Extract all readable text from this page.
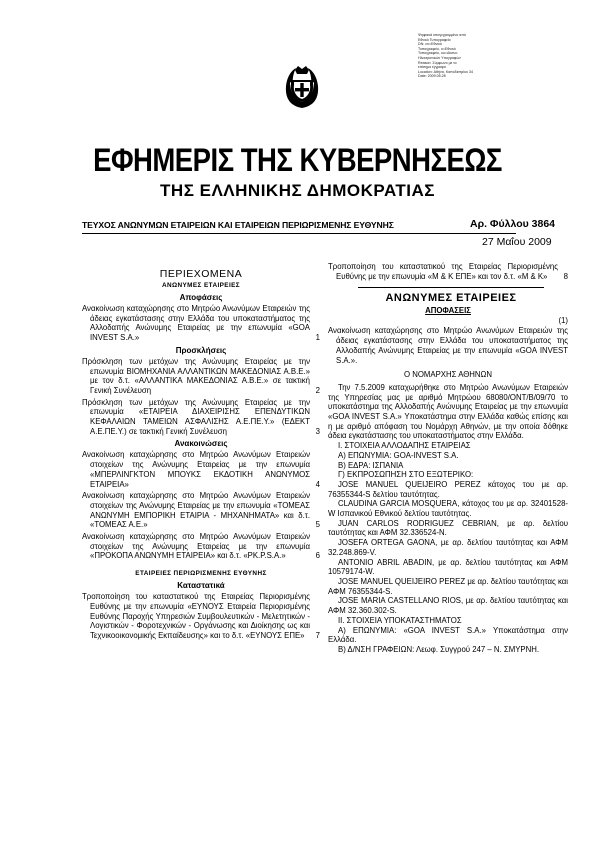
Ψηφιακά υπογεγραμμένο από
Εθνικό Τυπογραφείο
DN: cn=Εθνικό
Τυπογραφείο, o=Εθνικό
Τυπογραφείο, ou=Δίκτυο
Ηλεκτρονικών Υπογραφών
Reason: Σύμφωνο με το
επίσημο έγγραφο
Location: Αθήνα, Καποδιστρίου 34
Date: 2009.05.28
ΕΦΗΜΕΡΙΣ ΤΗΣ ΚΥΒΕΡΝΗΣΕΩΣ
ΤΗΣ ΕΛΛΗΝΙΚΗΣ ΔΗΜΟΚΡΑΤΙΑΣ
ΤΕΥΧΟΣ ΑΝΩΝΥΜΩΝ ΕΤΑΙΡΕΙΩΝ ΚΑΙ ΕΤΑΙΡΕΙΩΝ ΠΕΡΙΩΡΙΣΜΕΝΗΣ ΕΥΘΥΝΗΣ	Αρ. Φύλλου 3864
27 Μαΐου 2009
ΠΕΡΙΕΧΟΜΕΝΑ
ΑΝΩΝΥΜΕΣ ΕΤΑΙΡΕΙΕΣ
Αποφάσεις
Ανακοίνωση καταχώρησης στο Μητρώο Ανωνύμων Εταιρειών της άδειας εγκατάστασης στην Ελλάδα του υποκαταστήματος της Αλλοδαπής Ανώνυμης Εταιρείας με την επωνυμία «GOA INVEST S.A.»	1
Προσκλήσεις
Πρόσκληση των μετόχων της Ανώνυμης Εταιρείας με την επωνυμία ΒΙΟΜΗΧΑΝΙΑ ΑΛΛΑΝΤΙΚΩΝ ΜΑΚΕΔΟΝΙΑΣ Α.Β.Ε.» με τον δ.τ. «ΑΛΛΑΝΤΙΚΑ ΜΑΚΕΔΟΝΙΑΣ Α.Β.Ε.» σε τακτική Γενική Συνέλευση	2
Πρόσκληση των μετόχων της Ανώνυμης Εταιρείας με την επωνυμία «ΕΤΑΙΡΕΙΑ ΔΙΑΧΕΙΡΙΣΗΣ ΕΠΕΝΔΥΤΙΚΩΝ ΚΕΦΑΛΑΙΩΝ ΤΑΜΕΙΩΝ ΑΣΦΑΛΙΣΗΣ Α.Ε.ΠΕ.Υ.» (ΕΔΕΚΤ Α.Ε.ΠΕ.Υ.) σε τακτική Γενική Συνέλευση	3
Ανακοινώσεις
Ανακοίνωση καταχώρησης στο Μητρώο Ανωνύμων Εταιρειών στοιχείων της Ανώνυμης Εταιρείας με την επωνυμία «ΜΠΕΡΛΙΝΓΚΤΟΝ ΜΠΟΥΚΣ ΕΚΔΟΤΙΚΗ ΑΝΩΝΥΜΟΣ ΕΤΑΙΡΕΙΑ»	4
Ανακοίνωση καταχώρησης στο Μητρώο Ανωνύμων Εταιρειών στοιχείων της Ανώνυμης Εταιρείας με την επωνυμία «ΤΟΜΕΑΣ ΑΝΩΝΥΜΗ ΕΜΠΟΡΙΚΗ ΕΤΑΙΡΙΑ - ΜΗΧΑΝΗΜΑΤΑ» και δ.τ. «ΤΟΜΕΑΣ Α.Ε.»	5
Ανακοίνωση καταχώρησης στο Μητρώο Ανωνύμων Εταιρειών στοιχείων της Ανώνυμης Εταιρείας με την επωνυμία «ΠΡΟΚΟΠΑ ΑΝΩΝΥΜΗ ΕΤΑΙΡΕΙΑ» και δ.τ. «ΡΚ.Ρ.S.A.»	6
ΕΤΑΙΡΕΙΕΣ ΠΕΡΙΩΡΙΣΜΕΝΗΣ ΕΥΘΥΝΗΣ
Καταστατικά
Τροποποίηση του καταστατικού της Εταιρείας Περιορισμένης Ευθύνης με την επωνυμία «ΕΥΝΟΥΣ Εταιρεία Περιορισμένης Ευθύνης Παροχής Υπηρεσιών Συμβουλευτικών - Μελετητικών - Λογιστικών - Φοροτεχνικών - Οργάνωσης και Διοίκησης ως και Τεχνικοοικονομικής Εκπαίδευσης» και το δ.τ. «ΕΥΝΟΥΣ ΕΠΕ» 7
Τροποποίηση του καταστατικού της Εταιρείας Περιορισμένης Ευθύνης με την επωνυμία «Μ & Κ ΕΠΕ» και τον δ.τ. «Μ & Κ» 8
ΑΝΩΝΥΜΕΣ ΕΤΑΙΡΕΙΕΣ
ΑΠΟΦΑΣΕΙΣ
(1)
Ανακοίνωση καταχώρησης στο Μητρώο Ανωνύμων Εταιρειών της άδειας εγκατάστασης στην Ελλάδα του υποκαταστήματος της Αλλοδαπής Ανώνυμης Εταιρείας με την επωνυμία «GOA INVEST S.A.».
Ο ΝΟΜΑΡΧΗΣ ΑΘΗΝΩΝ
Την 7.5.2009 καταχωρήθηκε στο Μητρώο Ανωνύμων Εταιρειών της Υπηρεσίας μας με αριθμό Μητρώου 68080/ΟΝΤ/Β/09/70 το υποκατάστημα της Αλλοδαπής Ανώνυμης Εταιρείας με την επωνυμία «GOA INVEST S.A.» Υποκατάστημα στην Ελλάδα καθώς επίσης και η με αριθμό απόφαση του Νομάρχη Αθηνών, με την οποία δόθηκε άδεια εγκατάστασης του υποκαταστήματος στην Ελλάδα.
Ι. ΣΤΟΙΧΕΙΑ ΑΛΛΟΔΑΠΗΣ ΕΤΑΙΡΕΙΑΣ
Α) ΕΠΩΝΥΜΙΑ: GOA-INVEST S.A.
Β) ΕΔΡΑ: ΙΣΠΑΝΙΑ
Γ) ΕΚΠΡΟΣΩΠΗΣΗ ΣΤΟ ΕΞΩΤΕΡΙΚΟ:
JOSE MANUEL QUEIJEIRO PEREZ κάτοχος του με αρ. 76355344-S δελτίου ταυτότητας.
CLAUDINA GARCIA MOSQUERA, κάτοχος του με αρ. 32401528-W Ισπανικού Εθνικού δελτίου ταυτότητας.
JUAN CARLOS RODRIGUEZ CEBRIAN, με αρ. δελτίου ταυτότητας και ΑΦΜ 32.336524-Ν.
JOSEFA ORTEGA GAONA, με αρ. δελτίου ταυτότητας και ΑΦΜ 32.248.869-V.
ANTONIO ABRIL ABADIN, με αρ. δελτίου ταυτότητας και ΑΦΜ 10579174-W.
JOSE MANUEL QUEIJEIRO PEREZ με αρ. δελτίου ταυτότητας και ΑΦΜ 76355344-S.
JOSE MARIA CASTELLANO RIOS, με αρ. δελτίου ταυτότητας και ΑΦΜ 32.360.302-S.
ΙΙ. ΣΤΟΙΧΕΙΑ ΥΠΟΚΑΤΑΣΤΗΜΑΤΟΣ
Α) ΕΠΩΝΥΜΙΑ: «GOA INVEST S.A.» Υποκατάστημα στην Ελλάδα.
Β) Δ/ΝΣΗ ΓΡΑΦΕΙΩΝ: Λεωφ. Συγγρού 247 – Ν. ΣΜΥΡΝΗ.
